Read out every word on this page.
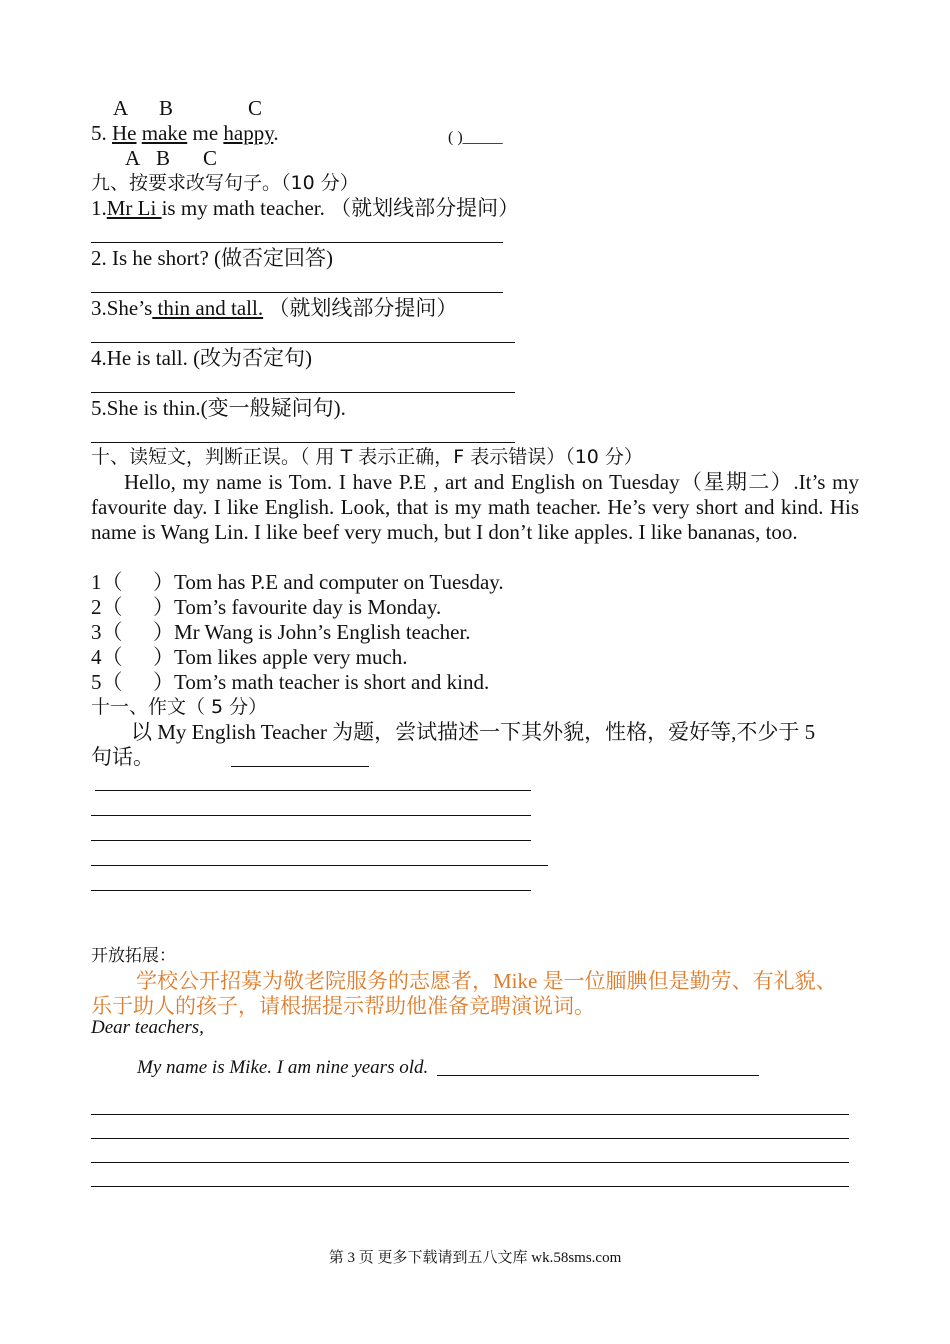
A B	C
5. He make me happy.	( )_____
A B C
九、按要求改写句子。（10 分）
1.Mr Li is my math teacher. （就划线部分提问）
2. Is he short? (做否定回答)
3.She’s thin and tall. （就划线部分提问）
4.He is tall. (改为否定句)
5.She is thin.(变一般疑问句).
十、读短文，判断正误。（ 用 T 表示正确，F 表示错误）（10 分）
Hello, my name is Tom. I have P.E , art and English on Tuesday（星期二）.It’s my favourite day. I like English. Look, that is my math teacher. He’s very short and kind. His name is Wang Lin. I like beef very much, but I don’t like apples. I like bananas, too.
1（ ）Tom has P.E and computer on Tuesday.
2（ ）Tom’s favourite day is Monday.
3（ ）Mr Wang is John’s English teacher.
4（ ）Tom likes apple very much.
5（ ）Tom’s math teacher is short and kind.
十一、作文（ 5 分）
以 My English Teacher 为题，尝试描述一下其外貌，性格，爱好等,不少于 5
句话。
开放拓展：
学校公开招募为敬老院服务的志愿者，Mike 是一位腼腆但是勤劳、有礼貌、
乐于助人的孩子，请根据提示帮助他准备竞聘演说词。
Dear teachers,
My name is Mike. I am nine years old.
第 3 页 更多下载请到五八文库 wk.58sms.com
